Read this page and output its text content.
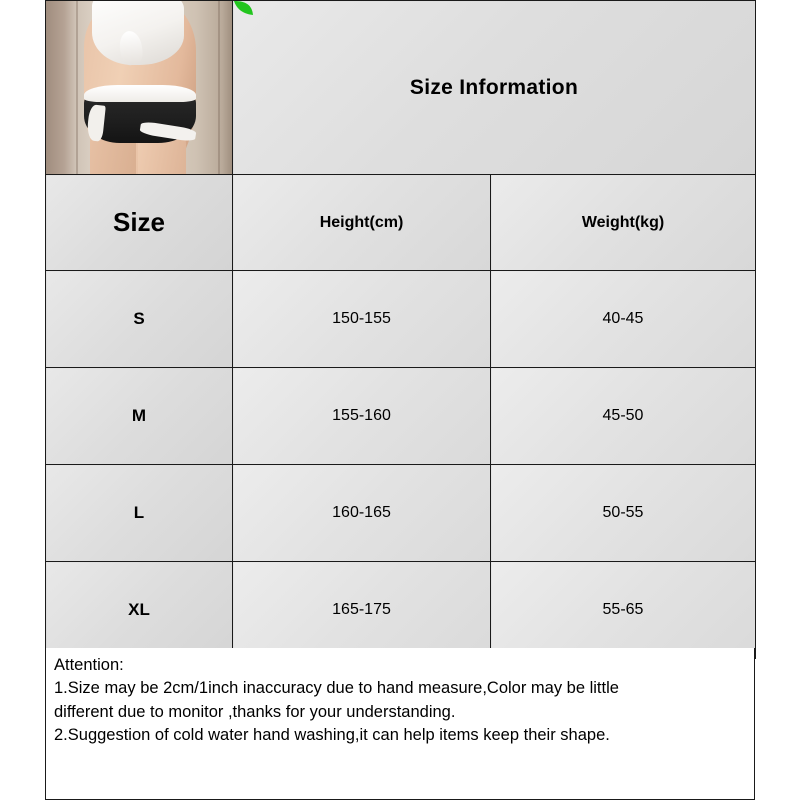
	Size Information	

Size	Height(cm)	Weight(kg)
S	150-155	40-45
M	155-160	45-50
L	160-165	50-55
XL	165-175	55-65

Attention:

1.Size may be 2cm/1inch inaccuracy due to hand measure,Color may be little

different due to monitor ,thanks for your understanding.

2.Suggestion of cold water hand washing,it can help items keep their shape.
